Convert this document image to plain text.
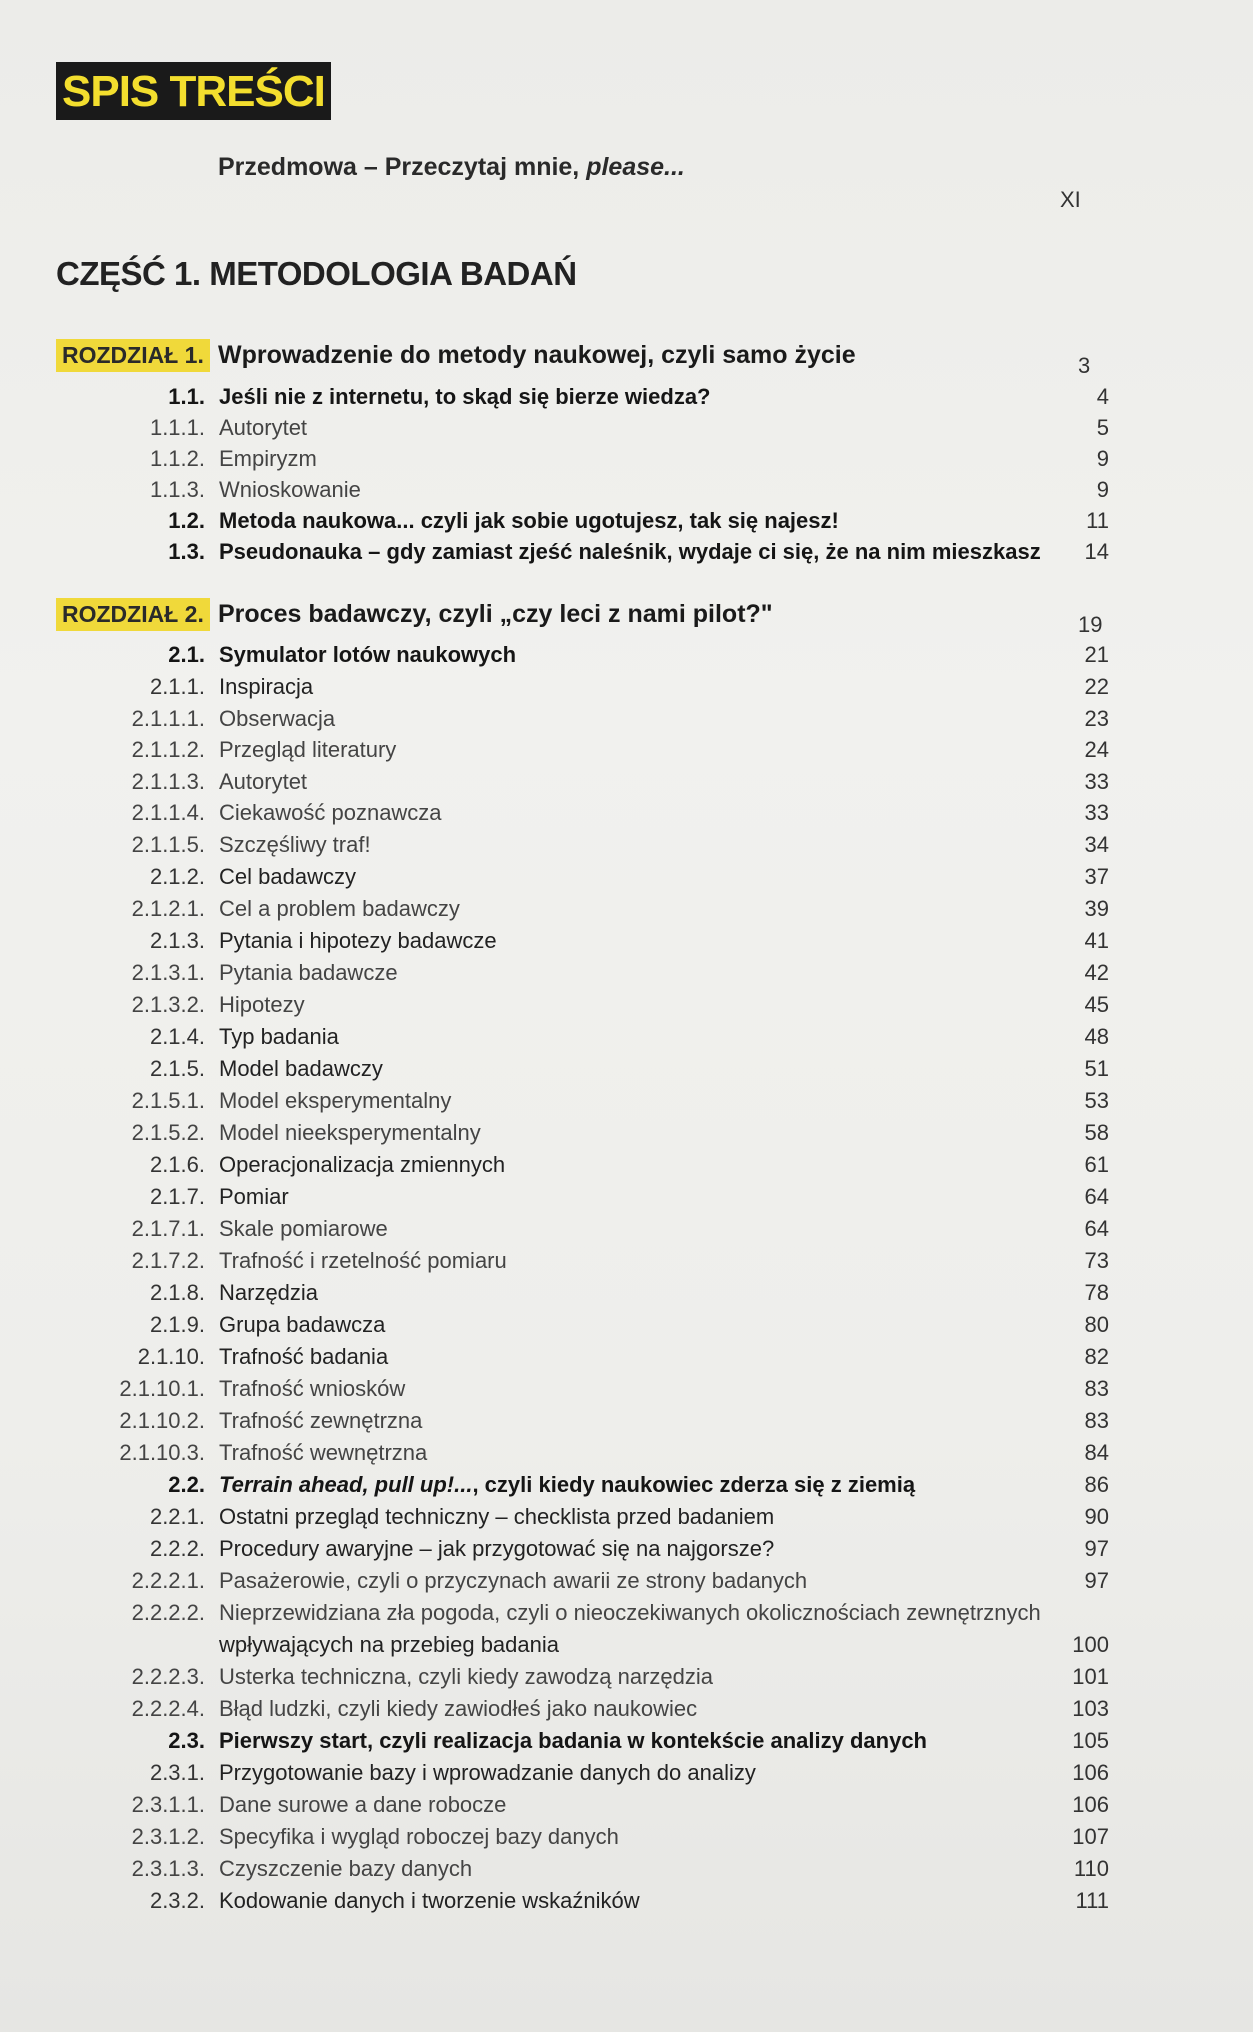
SPIS TREŚCI
Przedmowa – Przeczytaj mnie, please...
XI
CZĘŚĆ 1. METODOLOGIA BADAŃ
ROZDZIAŁ 1. Wprowadzenie do metody naukowej, czyli samo życie	3
1.1. Jeśli nie z internetu, to skąd się bierze wiedza?	4
1.1.1. Autorytet	5
1.1.2. Empiryzm	9
1.1.3. Wnioskowanie	9
1.2. Metoda naukowa... czyli jak sobie ugotujesz, tak się najesz!	11
1.3. Pseudonauka – gdy zamiast zjeść naleśnik, wydaje ci się, że na nim mieszkasz 14
ROZDZIAŁ 2. Proces badawczy, czyli „czy leci z nami pilot?"	19
2.1. Symulator lotów naukowych	21
2.1.1. Inspiracja	22
2.1.1.1. Obserwacja	23
2.1.1.2. Przegląd literatury	24
2.1.1.3. Autorytet	33
2.1.1.4. Ciekawość poznawcza	33
2.1.1.5. Szczęśliwy traf!	34
2.1.2. Cel badawczy	37
2.1.2.1. Cel a problem badawczy	39
2.1.3. Pytania i hipotezy badawcze	41
2.1.3.1. Pytania badawcze	42
2.1.3.2. Hipotezy	45
2.1.4. Typ badania	48
2.1.5. Model badawczy	51
2.1.5.1. Model eksperymentalny	53
2.1.5.2. Model nieeksperymentalny	58
2.1.6. Operacjonalizacja zmiennych	61
2.1.7. Pomiar	64
2.1.7.1. Skale pomiarowe	64
2.1.7.2. Trafność i rzetelność pomiaru	73
2.1.8. Narzędzia	78
2.1.9. Grupa badawcza	80
2.1.10. Trafność badania	82
2.1.10.1. Trafność wniosków	83
2.1.10.2. Trafność zewnętrzna	83
2.1.10.3. Trafność wewnętrzna	84
2.2. Terrain ahead, pull up!..., czyli kiedy naukowiec zderza się z ziemią	86
2.2.1. Ostatni przegląd techniczny – checklista przed badaniem	90
2.2.2. Procedury awaryjne – jak przygotować się na najgorsze?	97
2.2.2.1. Pasażerowie, czyli o przyczynach awarii ze strony badanych	97
2.2.2.2. Nieprzewidziana zła pogoda, czyli o nieoczekiwanych okolicznościach zewnętrznych
wpływających na przebieg badania	100
2.2.2.3. Usterka techniczna, czyli kiedy zawodzą narzędzia	101
2.2.2.4. Błąd ludzki, czyli kiedy zawiodłeś jako naukowiec	103
2.3. Pierwszy start, czyli realizacja badania w kontekście analizy danych	105
2.3.1. Przygotowanie bazy i wprowadzanie danych do analizy	106
2.3.1.1. Dane surowe a dane robocze	106
2.3.1.2. Specyfika i wygląd roboczej bazy danych	107
2.3.1.3. Czyszczenie bazy danych	110
2.3.2. Kodowanie danych i tworzenie wskaźników	111
